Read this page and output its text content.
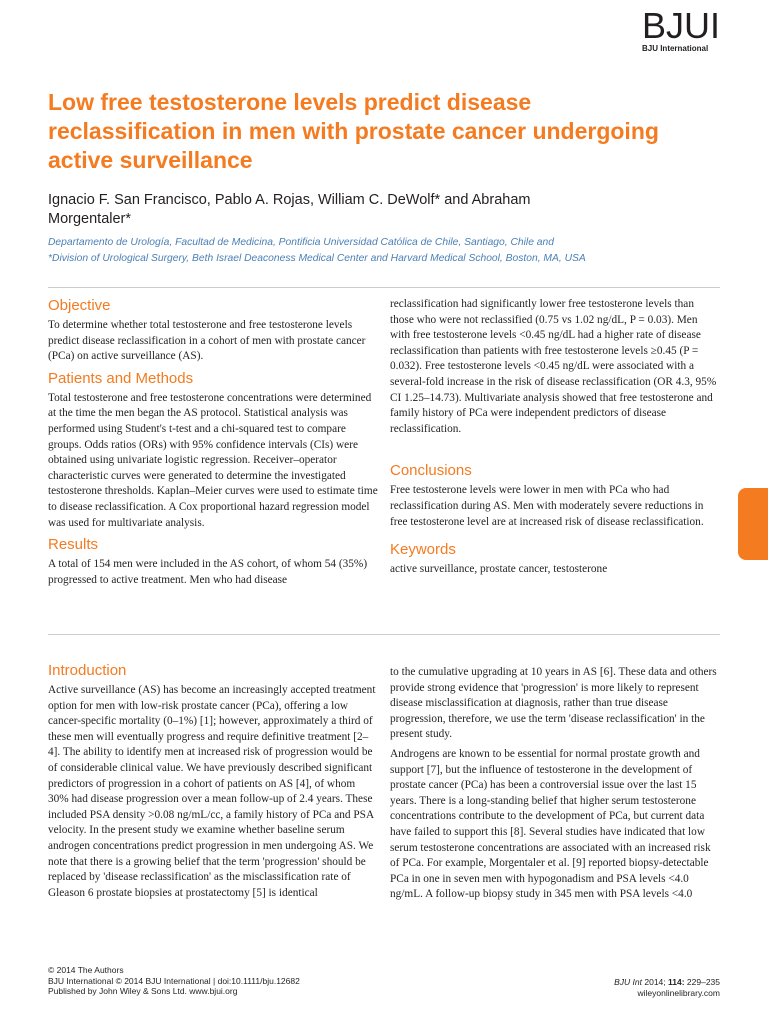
BJUI
BJU International
Low free testosterone levels predict disease reclassification in men with prostate cancer undergoing active surveillance
Ignacio F. San Francisco, Pablo A. Rojas, William C. DeWolf* and Abraham Morgentaler*
Departamento de Urología, Facultad de Medicina, Pontificia Universidad Católica de Chile, Santiago, Chile and
*Division of Urological Surgery, Beth Israel Deaconess Medical Center and Harvard Medical School, Boston, MA, USA
Objective

To determine whether total testosterone and free testosterone levels predict disease reclassification in a cohort of men with prostate cancer (PCa) on active surveillance (AS).

Patients and Methods

Total testosterone and free testosterone concentrations were determined at the time the men began the AS protocol. Statistical analysis was performed using Student's t-test and a chi-squared test to compare groups. Odds ratios (ORs) with 95% confidence intervals (CIs) were obtained using univariate logistic regression. Receiver–operator characteristic curves were generated to determine the investigated testosterone thresholds. Kaplan–Meier curves were used to estimate time to disease reclassification. A Cox proportional hazard regression model was used for multivariate analysis.

Results

A total of 154 men were included in the AS cohort, of whom 54 (35%) progressed to active treatment. Men who had disease

reclassification had significantly lower free testosterone levels than those who were not reclassified (0.75 vs 1.02 ng/dL, P = 0.03). Men with free testosterone levels <0.45 ng/dL had a higher rate of disease reclassification than patients with free testosterone levels ≥0.45 (P = 0.032). Free testosterone levels <0.45 ng/dL were associated with a several-fold increase in the risk of disease reclassification (OR 4.3, 95% CI 1.25–14.73). Multivariate analysis showed that free testosterone and family history of PCa were independent predictors of disease reclassification.

Conclusions

Free testosterone levels were lower in men with PCa who had reclassification during AS. Men with moderately severe reductions in free testosterone level are at increased risk of disease reclassification.

Keywords

active surveillance, prostate cancer, testosterone

Introduction

Active surveillance (AS) has become an increasingly accepted treatment option for men with low-risk prostate cancer (PCa), offering a low cancer-specific mortality (0–1%) [1]; however, approximately a third of these men will eventually progress and require definitive treatment [2–4]. The ability to identify men at increased risk of progression would be of considerable clinical value. We have previously described significant predictors of progression in a cohort of patients on AS [4], of whom 30% had disease progression over a mean follow-up of 2.4 years. These included PSA density >0.08 ng/mL/cc, a family history of PCa and PSA velocity. In the present study we examine whether baseline serum androgen concentrations predict progression in men undergoing AS. We note that there is a growing belief that the term 'progression' should be replaced by 'disease reclassification' as the misclassification rate of Gleason 6 prostate biopsies at prostatectomy [5] is identical

to the cumulative upgrading at 10 years in AS [6]. These data and others provide strong evidence that 'progression' is more likely to represent disease misclassification at diagnosis, rather than true disease progression, therefore, we use the term 'disease reclassification' in the present study.

Androgens are known to be essential for normal prostate growth and support [7], but the influence of testosterone in the development of prostate cancer (PCa) has been a controversial issue over the last 15 years. There is a long-standing belief that higher serum testosterone concentrations contribute to the development of PCa, but current data have failed to support this [8]. Several studies have indicated that low serum testosterone concentrations are associated with an increased risk of PCa. For example, Morgentaler et al. [9] reported biopsy-detectable PCa in one in seven men with hypogonadism and PSA levels <4.0 ng/mL. A follow-up biopsy study in 345 men with PSA levels <4.0

© 2014 The Authors
BJU International © 2014 BJU International | doi:10.1111/bju.12682
Published by John Wiley & Sons Ltd. www.bjui.org
BJU Int 2014; 114: 229–235
wileyonlinelibrary.com
